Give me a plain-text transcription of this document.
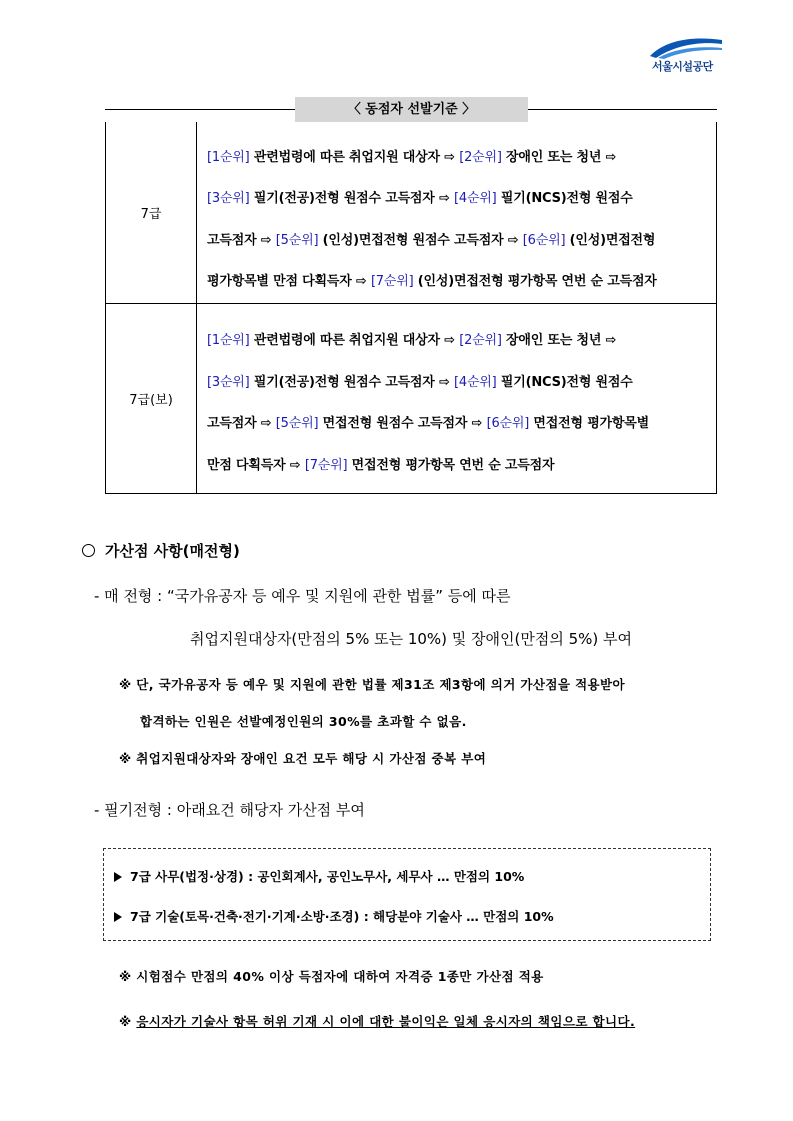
서울시설공단
〈 동점자 선발기준 〉
7급
[1순위] 관련법령에 따른 취업지원 대상자 ⇨ [2순위] 장애인 또는 청년 ⇨
[3순위] 필기(전공)전형 원점수 고득점자 ⇨ [4순위] 필기(NCS)전형 원점수
고득점자 ⇨ [5순위] (인성)면접전형 원점수 고득점자 ⇨ [6순위] (인성)면접전형
평가항목별 만점 다획득자 ⇨ [7순위] (인성)면접전형 평가항목 연번 순 고득점자
7급(보)
[1순위] 관련법령에 따른 취업지원 대상자 ⇨ [2순위] 장애인 또는 청년 ⇨
[3순위] 필기(전공)전형 원점수 고득점자 ⇨ [4순위] 필기(NCS)전형 원점수
고득점자 ⇨ [5순위] 면접전형 원점수 고득점자 ⇨ [6순위] 면접전형 평가항목별
만점 다획득자 ⇨ [7순위] 면접전형 평가항목 연번 순 고득점자
가산점 사항(매전형)
- 매 전형 : “국가유공자 등 예우 및 지원에 관한 법률” 등에 따른
취업지원대상자(만점의 5% 또는 10%) 및 장애인(만점의 5%) 부여
※ 단, 국가유공자 등 예우 및 지원에 관한 법률 제31조 제3항에 의거 가산점을 적용받아
합격하는 인원은 선발예정인원의 30%를 초과할 수 없음.
※ 취업지원대상자와 장애인 요건 모두 해당 시 가산점 중복 부여
- 필기전형 : 아래요건 해당자 가산점 부여
7급 사무(법정·상경) : 공인회계사, 공인노무사, 세무사 … 만점의 10%
7급 기술(토목·건축·전기·기계·소방·조경) : 해당분야 기술사 … 만점의 10%
※ 시험점수 만점의 40% 이상 득점자에 대하여 자격증 1종만 가산점 적용
※ 응시자가 기술사 항목 허위 기재 시 이에 대한 불이익은 일체 응시자의 책임으로 합니다.
